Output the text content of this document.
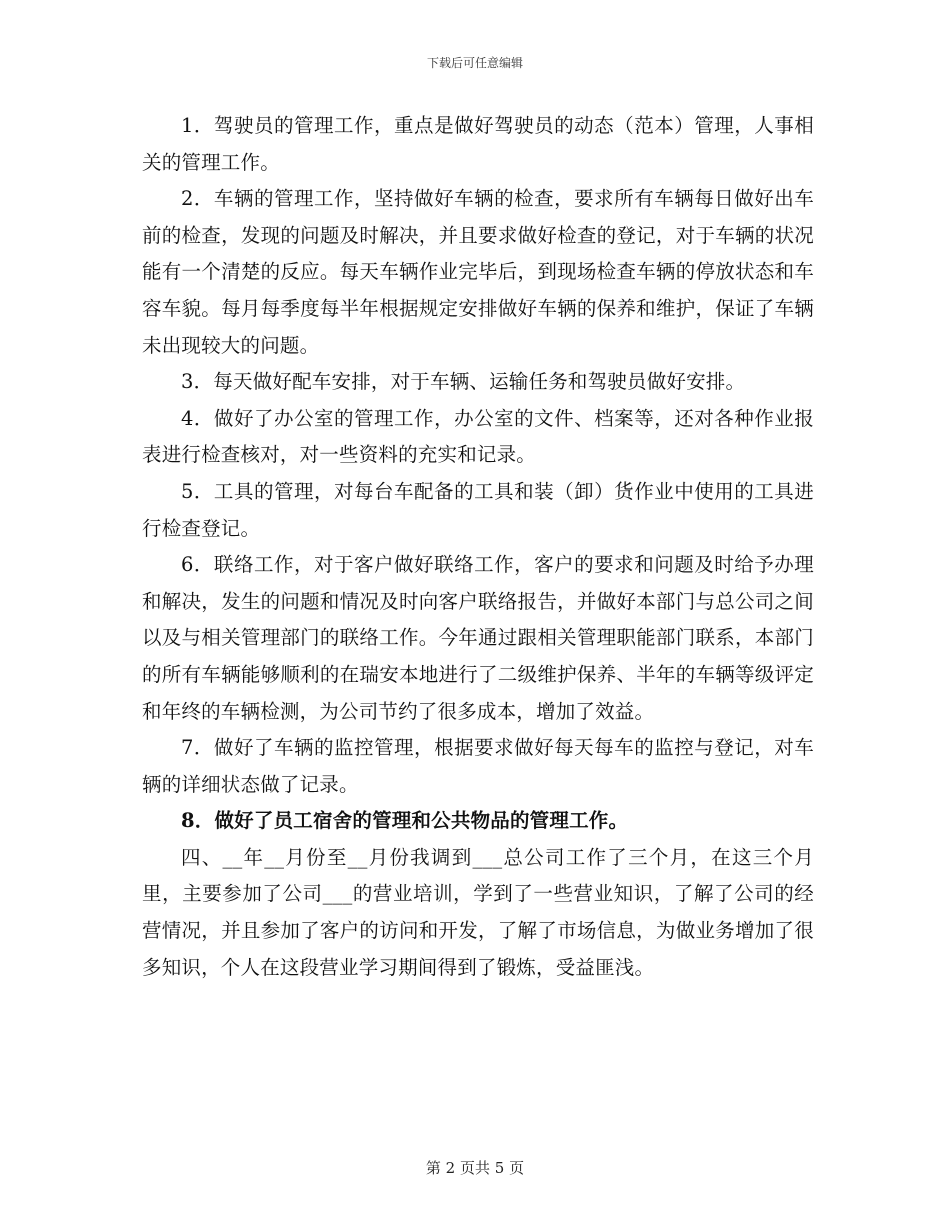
下载后可任意编辑

1．驾驶员的管理工作，重点是做好驾驶员的动态（范本）管理，人事相关的管理工作。

2．车辆的管理工作，坚持做好车辆的检查，要求所有车辆每日做好出车前的检查，发现的问题及时解决，并且要求做好检查的登记，对于车辆的状况能有一个清楚的反应。每天车辆作业完毕后，到现场检查车辆的停放状态和车容车貌。每月每季度每半年根据规定安排做好车辆的保养和维护，保证了车辆未出现较大的问题。

3．每天做好配车安排，对于车辆、运输任务和驾驶员做好安排。

4．做好了办公室的管理工作，办公室的文件、档案等，还对各种作业报表进行检查核对，对一些资料的充实和记录。

5．工具的管理，对每台车配备的工具和装（卸）货作业中使用的工具进行检查登记。

6．联络工作，对于客户做好联络工作，客户的要求和问题及时给予办理和解决，发生的问题和情况及时向客户联络报告，并做好本部门与总公司之间以及与相关管理部门的联络工作。今年通过跟相关管理职能部门联系，本部门的所有车辆能够顺利的在瑞安本地进行了二级维护保养、半年的车辆等级评定和年终的车辆检测，为公司节约了很多成本，增加了效益。

7．做好了车辆的监控管理，根据要求做好每天每车的监控与登记，对车辆的详细状态做了记录。

8．做好了员工宿舍的管理和公共物品的管理工作。

四、__年__月份至__月份我调到___总公司工作了三个月，在这三个月里，主要参加了公司___的营业培训，学到了一些营业知识，了解了公司的经营情况，并且参加了客户的访问和开发，了解了市场信息，为做业务增加了很多知识，个人在这段营业学习期间得到了锻炼，受益匪浅。

第 2 页共 5 页
